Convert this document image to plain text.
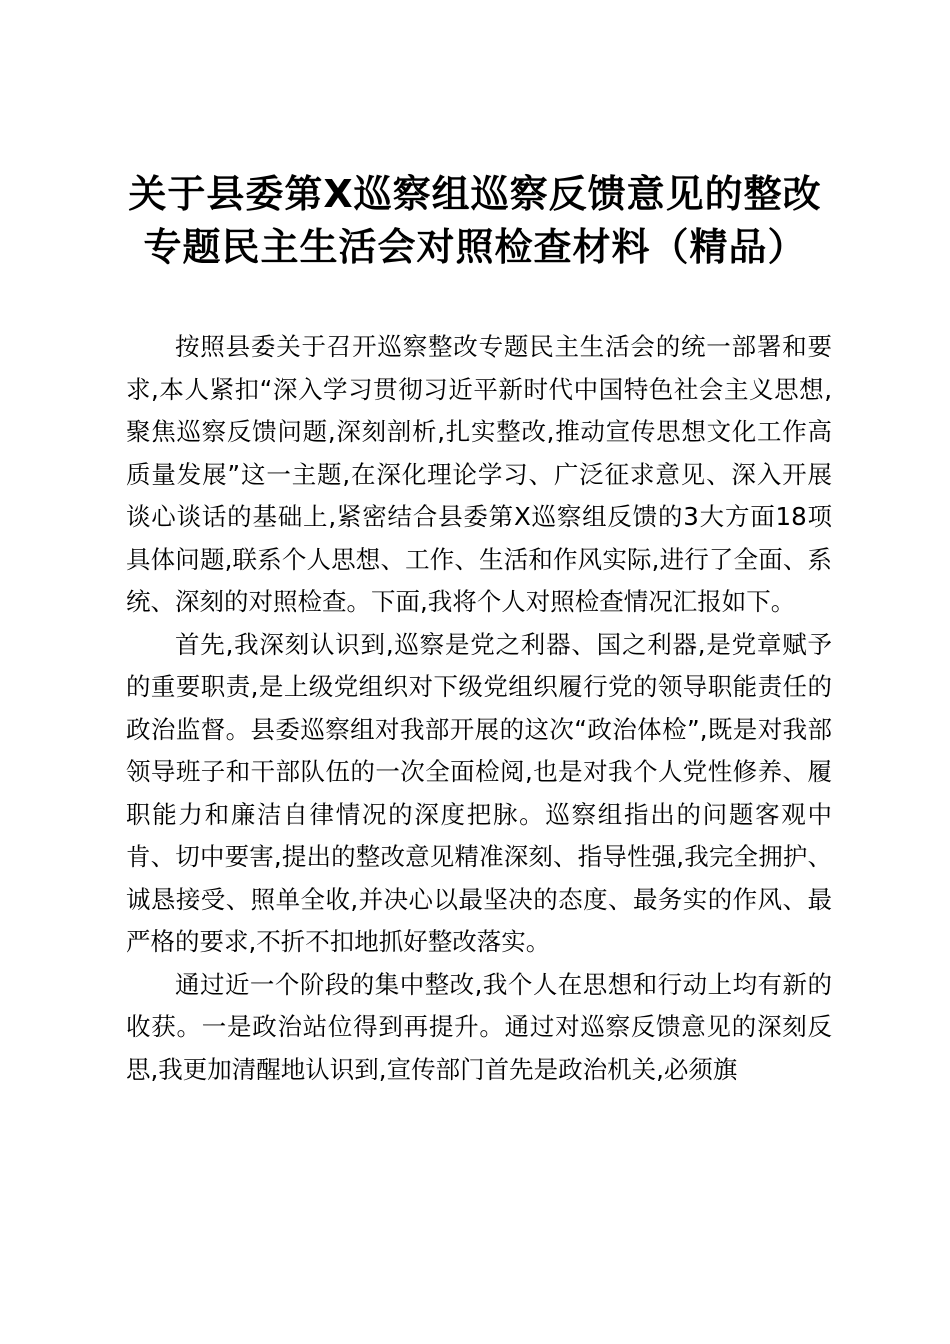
关于县委第X巡察组巡察反馈意见的整改专题民主生活会对照检查材料（精品）

按照县委关于召开巡察整改专题民主生活会的统一部署和要求,本人紧扣“深入学习贯彻习近平新时代中国特色社会主义思想,聚焦巡察反馈问题,深刻剖析,扎实整改,推动宣传思想文化工作高质量发展”这一主题,在深化理论学习、广泛征求意见、深入开展谈心谈话的基础上,紧密结合县委第X巡察组反馈的3大方面18项具体问题,联系个人思想、工作、生活和作风实际,进行了全面、系统、深刻的对照检查。下面,我将个人对照检查情况汇报如下。

首先,我深刻认识到,巡察是党之利器、国之利器,是党章赋予的重要职责,是上级党组织对下级党组织履行党的领导职能责任的政治监督。县委巡察组对我部开展的这次“政治体检”,既是对我部领导班子和干部队伍的一次全面检阅,也是对我个人党性修养、履职能力和廉洁自律情况的深度把脉。巡察组指出的问题客观中肯、切中要害,提出的整改意见精准深刻、指导性强,我完全拥护、诚恳接受、照单全收,并决心以最坚决的态度、最务实的作风、最严格的要求,不折不扣地抓好整改落实。

通过近一个阶段的集中整改,我个人在思想和行动上均有新的收获。一是政治站位得到再提升。通过对巡察反馈意见的深刻反思,我更加清醒地认识到,宣传部门首先是政治机关,必须旗
